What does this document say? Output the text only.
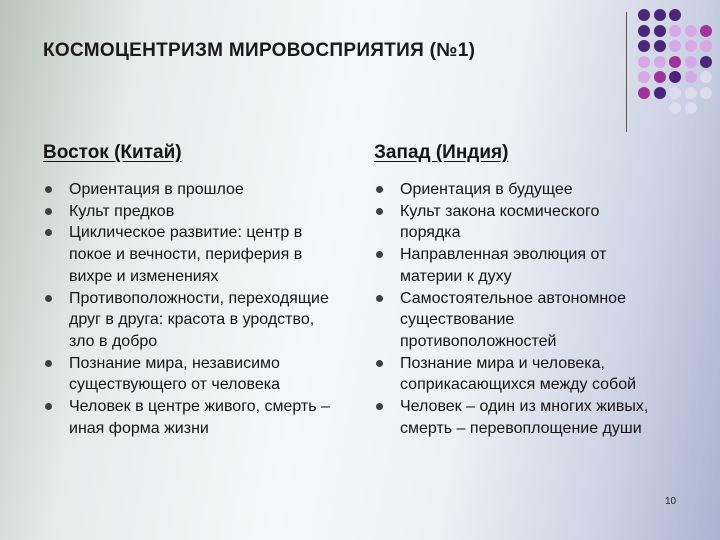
КОСМОЦЕНТРИЗМ МИРОВОСПРИЯТИЯ (№1)
Восток (Китай)
Ориентация в прошлое
Культ предков
Циклическое развитие: центр в покое и вечности, периферия в вихре и изменениях
Противоположности, переходящие друг в друга: красота в уродство, зло в добро
Познание мира, независимо существующего от человека
Человек в центре живого, смерть – иная форма жизни
Запад (Индия)
Ориентация в будущее
Культ закона космического порядка
Направленная эволюция от материи к духу
Самостоятельное автономное существование противоположностей
Познание мира и человека, соприкасающихся между собой
Человек – один из многих живых, смерть – перевоплощение души
10
